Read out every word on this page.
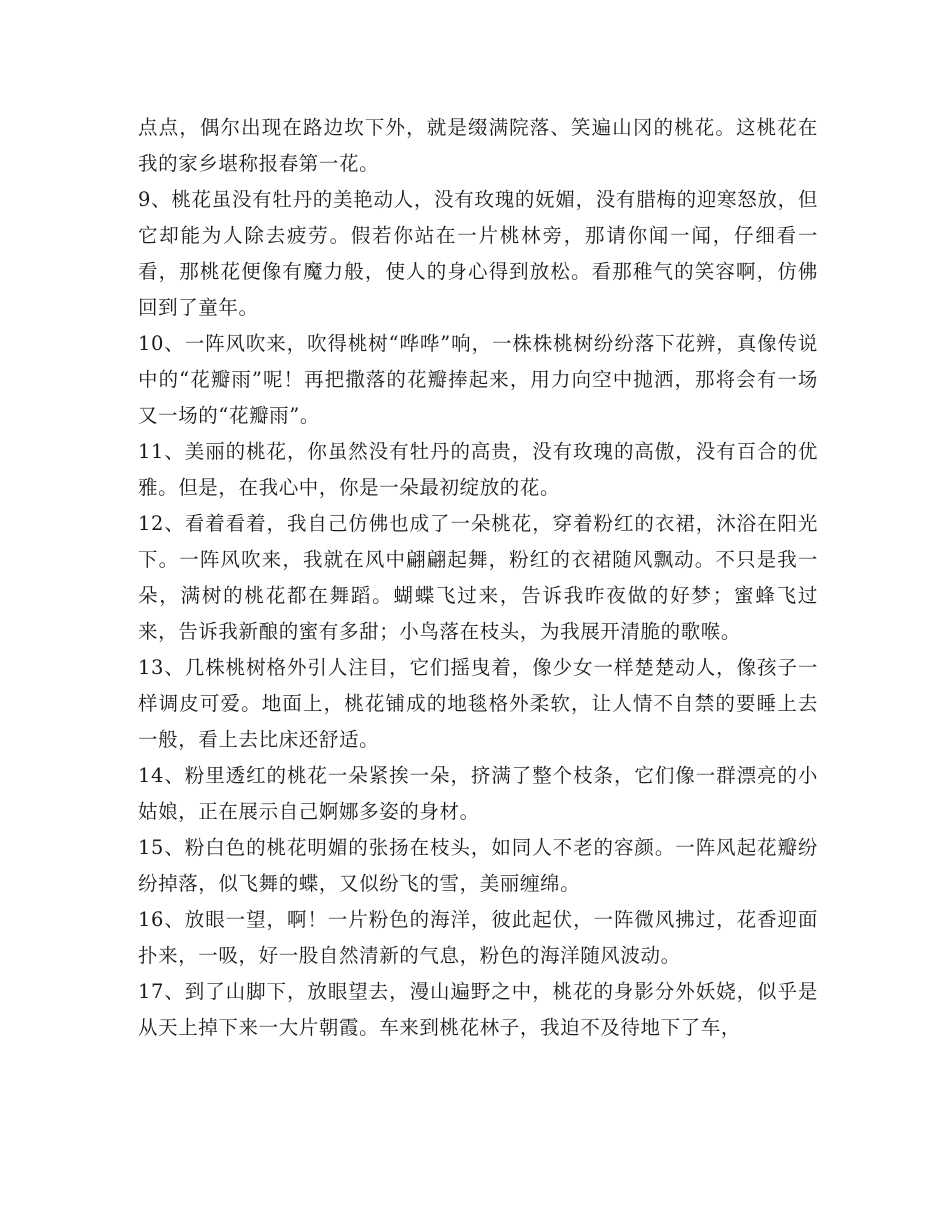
点点，偶尔出现在路边坎下外，就是缀满院落、笑遍山冈的桃花。这桃花在我的家乡堪称报春第一花。

9、桃花虽没有牡丹的美艳动人，没有玫瑰的妩媚，没有腊梅的迎寒怒放，但它却能为人除去疲劳。假若你站在一片桃林旁，那请你闻一闻，仔细看一看，那桃花便像有魔力般，使人的身心得到放松。看那稚气的笑容啊，仿佛回到了童年。

10、一阵风吹来，吹得桃树“哗哗”响，一株株桃树纷纷落下花辨，真像传说中的“花瓣雨”呢！再把撒落的花瓣捧起来，用力向空中抛洒，那将会有一场又一场的“花瓣雨”。

11、美丽的桃花，你虽然没有牡丹的高贵，没有玫瑰的高傲，没有百合的优雅。但是，在我心中，你是一朵最初绽放的花。

12、看着看着，我自己仿佛也成了一朵桃花，穿着粉红的衣裙，沐浴在阳光下。一阵风吹来，我就在风中翩翩起舞，粉红的衣裙随风飘动。不只是我一朵，满树的桃花都在舞蹈。蝴蝶飞过来，告诉我昨夜做的好梦；蜜蜂飞过来，告诉我新酿的蜜有多甜；小鸟落在枝头，为我展开清脆的歌喉。

13、几株桃树格外引人注目，它们摇曳着，像少女一样楚楚动人，像孩子一样调皮可爱。地面上，桃花铺成的地毯格外柔软，让人情不自禁的要睡上去一般，看上去比床还舒适。

14、粉里透红的桃花一朵紧挨一朵，挤满了整个枝条，它们像一群漂亮的小姑娘，正在展示自己婀娜多姿的身材。

15、粉白色的桃花明媚的张扬在枝头，如同人不老的容颜。一阵风起花瓣纷纷掉落，似飞舞的蝶，又似纷飞的雪，美丽缠绵。

16、放眼一望，啊！一片粉色的海洋，彼此起伏，一阵微风拂过，花香迎面扑来，一吸，好一股自然清新的气息，粉色的海洋随风波动。

17、到了山脚下，放眼望去，漫山遍野之中，桃花的身影分外妖娆，似乎是从天上掉下来一大片朝霞。车来到桃花林子，我迫不及待地下了车，
